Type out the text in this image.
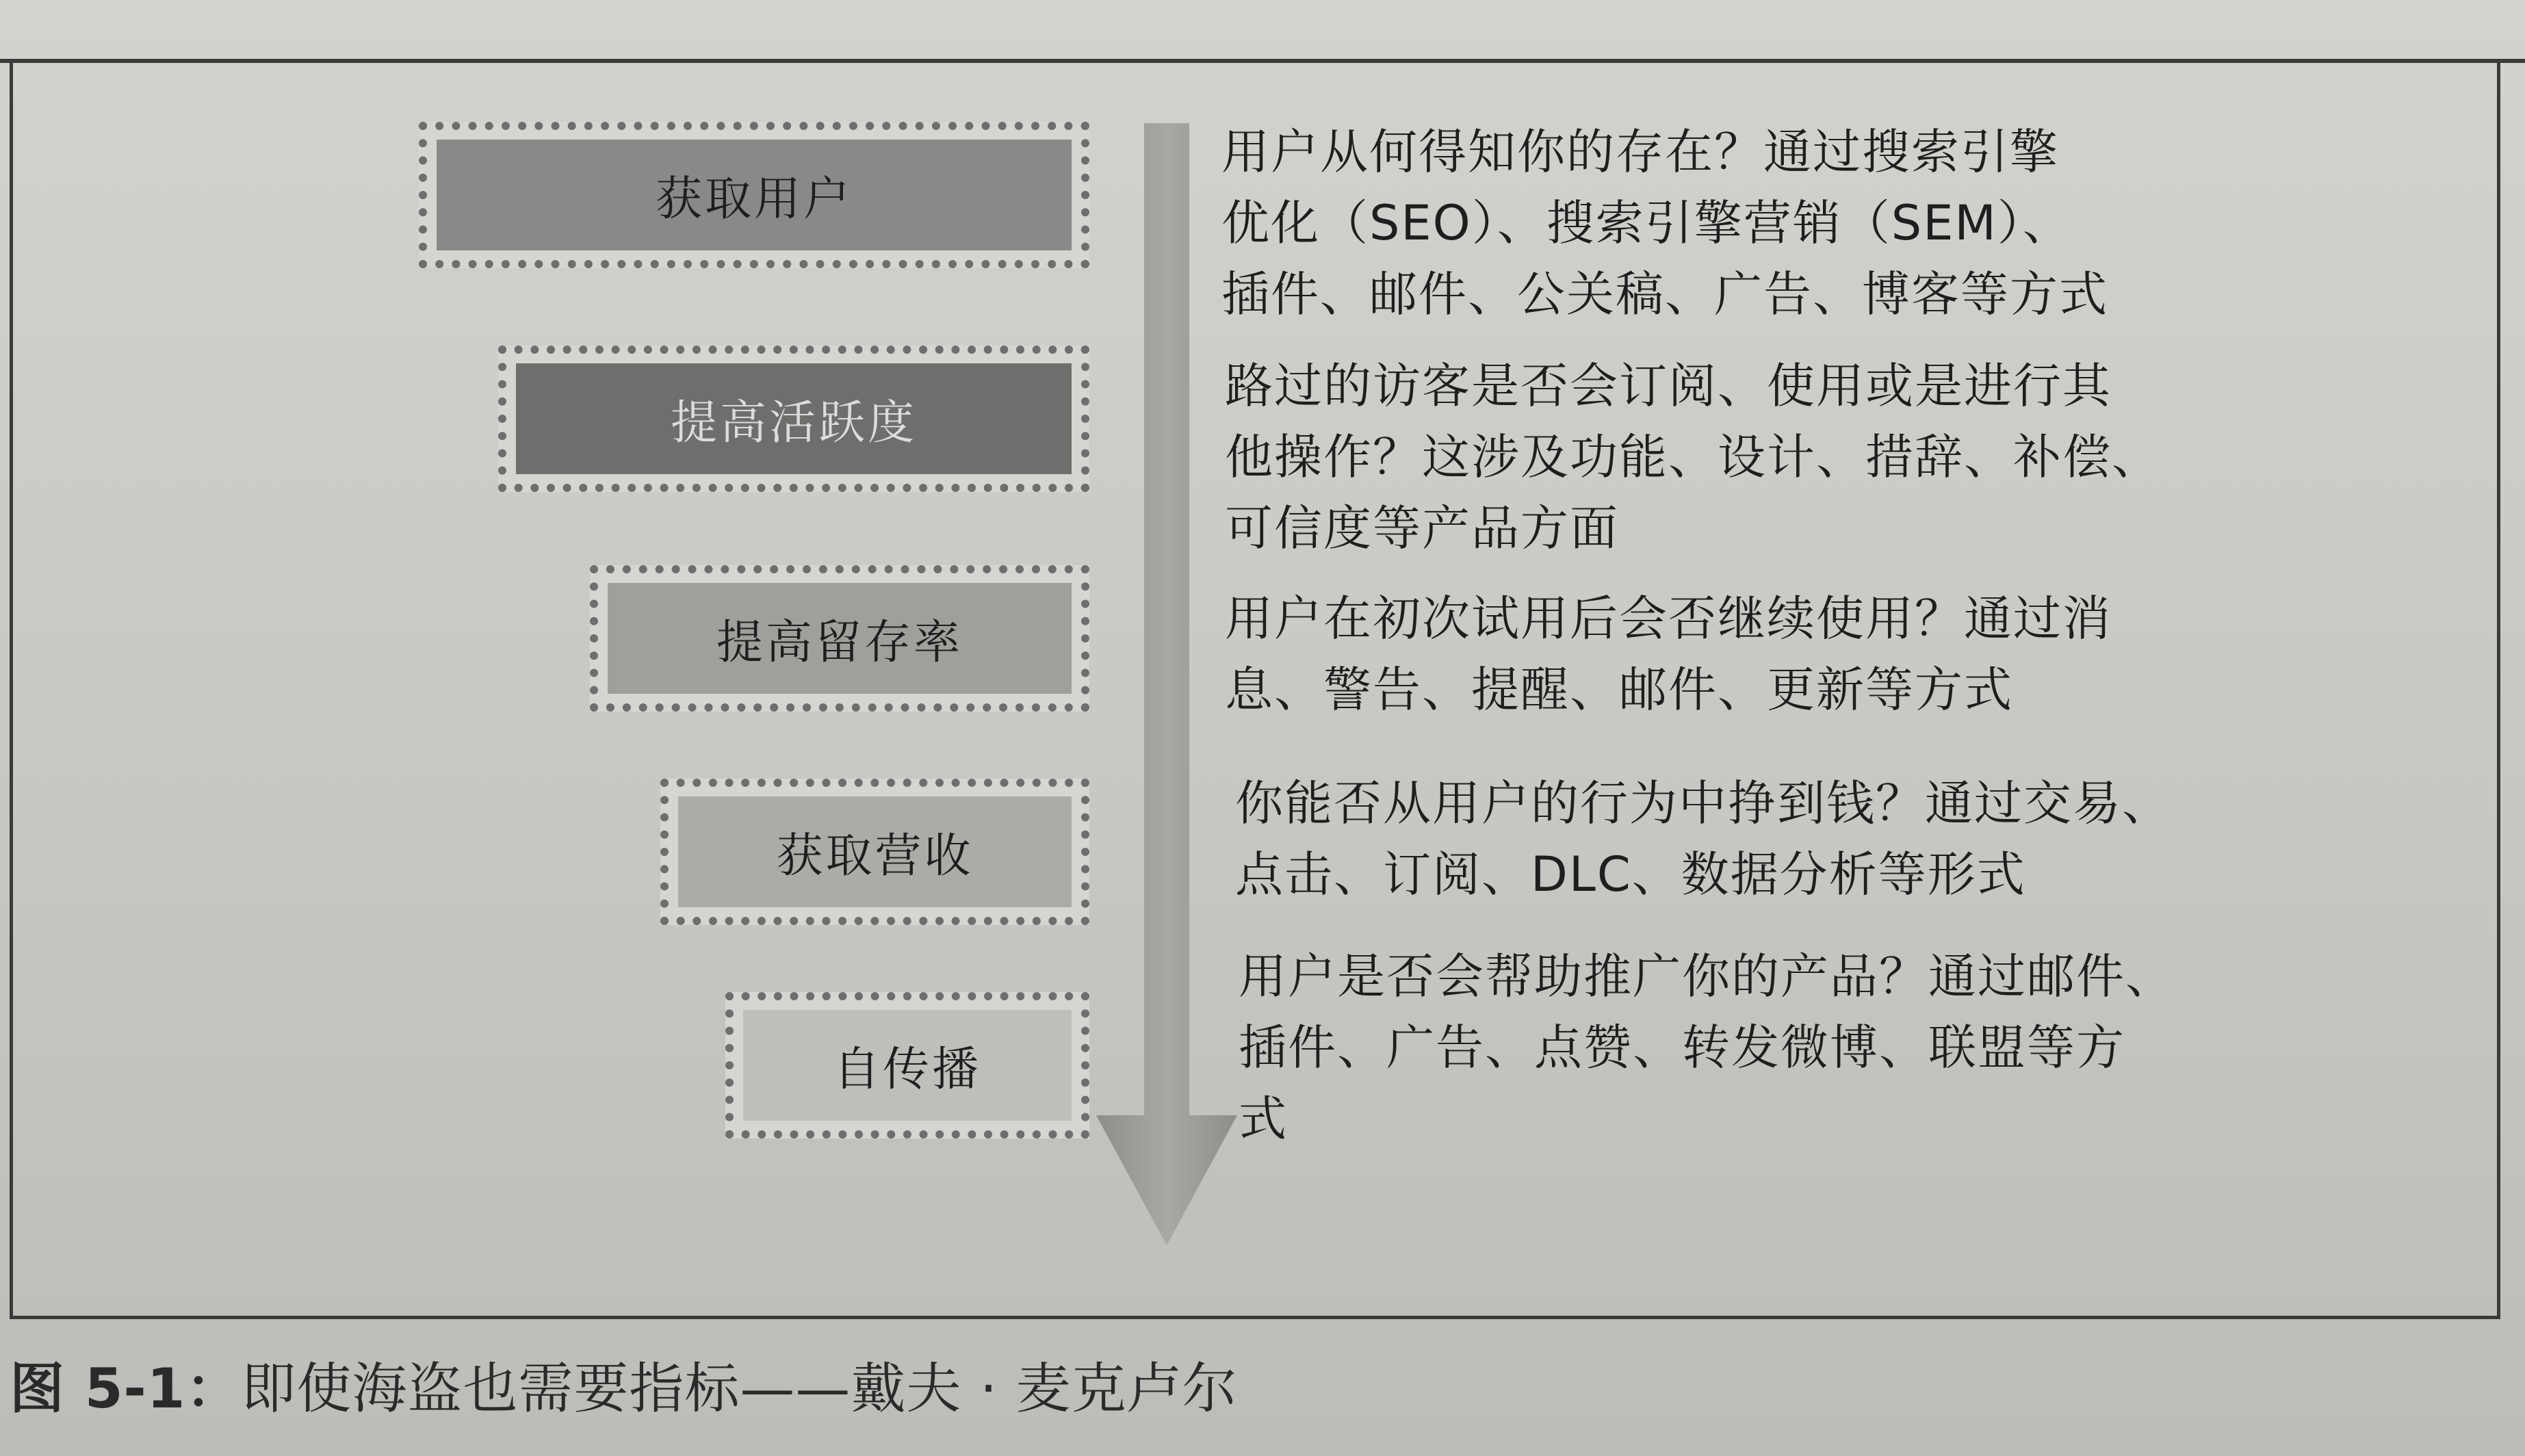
获取用户
提高活跃度
提高留存率
获取营收
自传播
用户从何得知你的存在？通过搜索引擎
优化（SEO）、搜索引擎营销（SEM）、
插件、邮件、公关稿、广告、博客等方式
路过的访客是否会订阅、使用或是进行其
他操作？这涉及功能、设计、措辞、补偿、
可信度等产品方面
用户在初次试用后会否继续使用？通过消
息、警告、提醒、邮件、更新等方式
你能否从用户的行为中挣到钱？通过交易、
点击、订阅、DLC、数据分析等形式
用户是否会帮助推广你的产品？通过邮件、
插件、广告、点赞、转发微博、联盟等方
式
图 5-1：即使海盗也需要指标——戴夫 · 麦克卢尔
